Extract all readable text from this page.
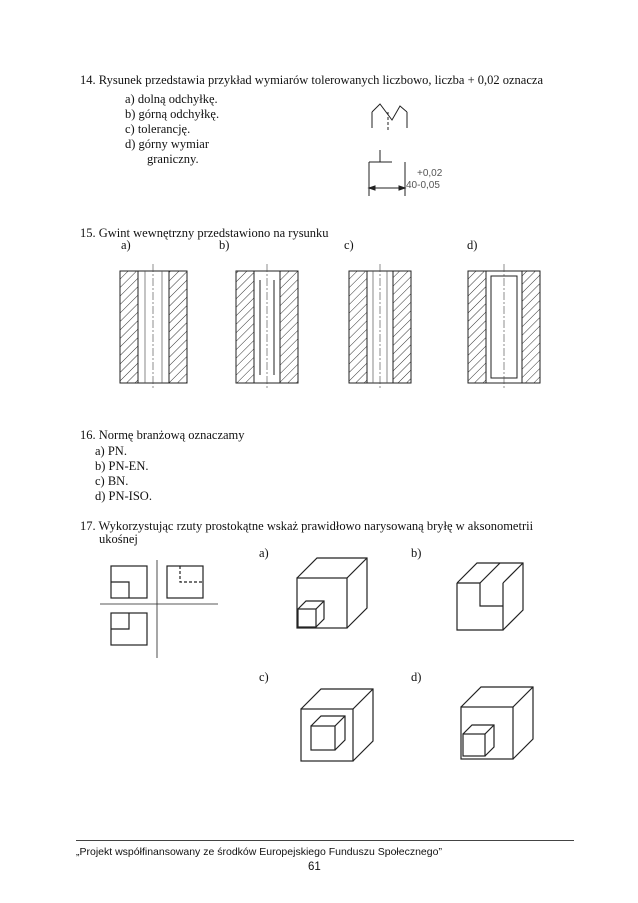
14. Rysunek przedstawia przykład wymiarów tolerowanych liczbowo, liczba + 0,02 oznacza
a) dolną odchyłkę.
b) górną odchyłkę.
c) tolerancję.
d) górny wymiar
graniczny.
+0,02
40-0,05
15. Gwint wewnętrzny przedstawiono na rysunku
a)	b)	c)	d)
16. Normę branżową oznaczamy
a) PN.
b) PN-EN.
c) BN.
d) PN-ISO.
17. Wykorzystując rzuty prostokątne wskaż prawidłowo narysowaną bryłę w aksonometrii
ukośnej
a)	b)
c)	d)
„Projekt współfinansowany ze środków Europejskiego Funduszu Społecznego”
61
